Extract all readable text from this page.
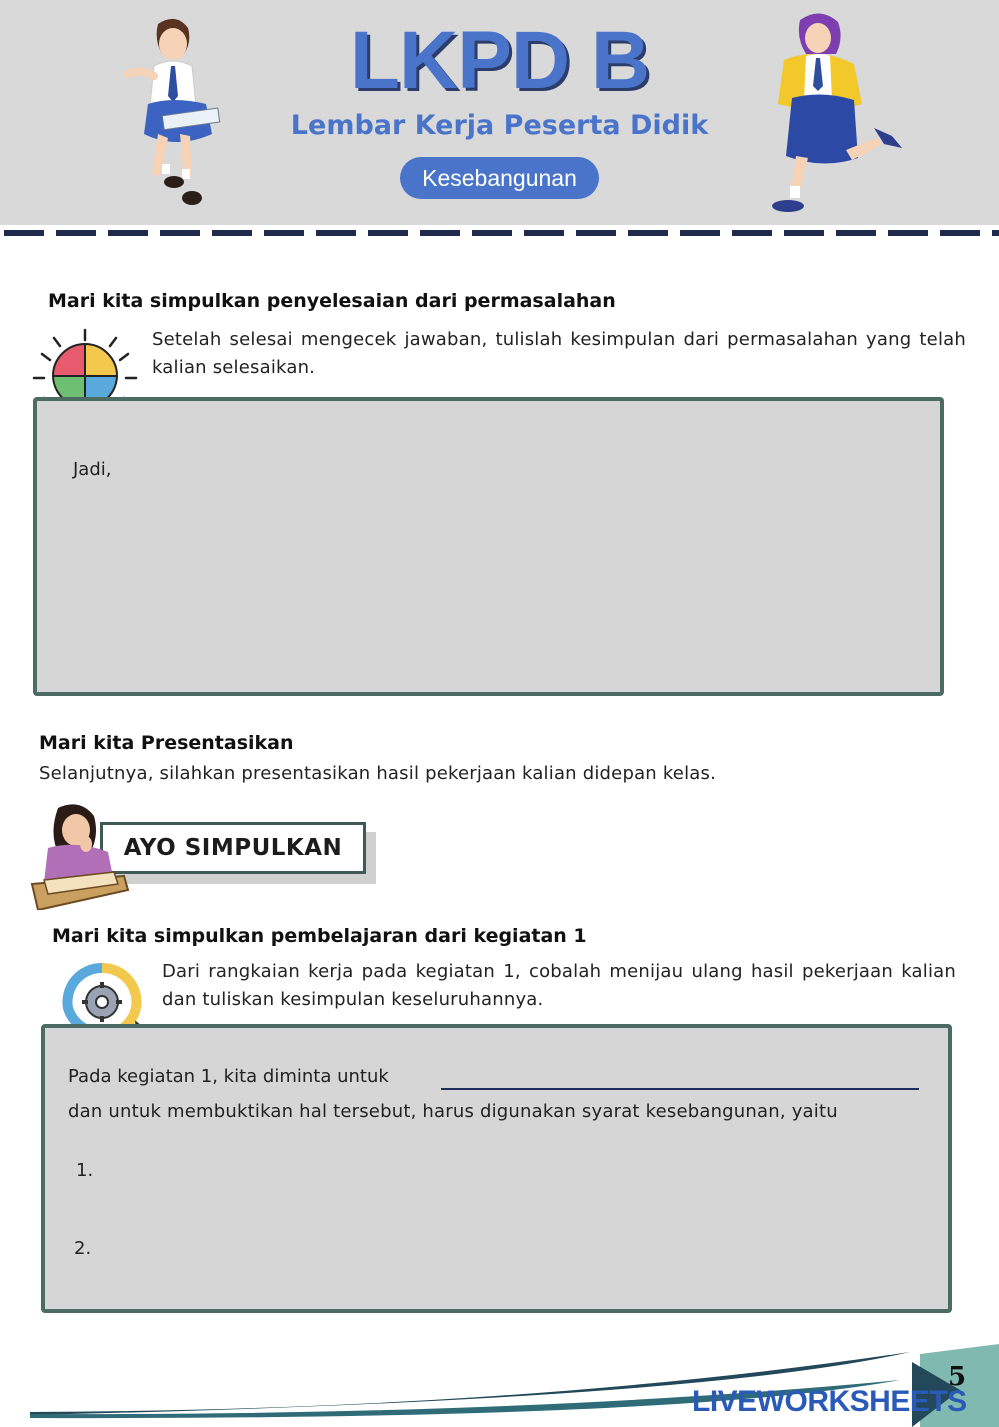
LKPD B
Lembar Kerja Peserta Didik
Kesebangunan
Mari kita simpulkan penyelesaian dari permasalahan
Setelah selesai mengecek jawaban, tulislah kesimpulan dari permasalahan yang telah kalian selesaikan.
Jadi,
Mari kita Presentasikan
Selanjutnya, silahkan presentasikan hasil pekerjaan kalian didepan kelas.
AYO SIMPULKAN
Mari kita simpulkan pembelajaran dari kegiatan 1
Dari rangkaian kerja pada kegiatan 1, cobalah menijau ulang hasil pekerjaan kalian dan tuliskan kesimpulan keseluruhannya.
Pada kegiatan 1, kita diminta untuk
dan untuk membuktikan hal tersebut, harus digunakan syarat kesebangunan, yaitu
1.
2.
5
LIVEWORKSHEETS
